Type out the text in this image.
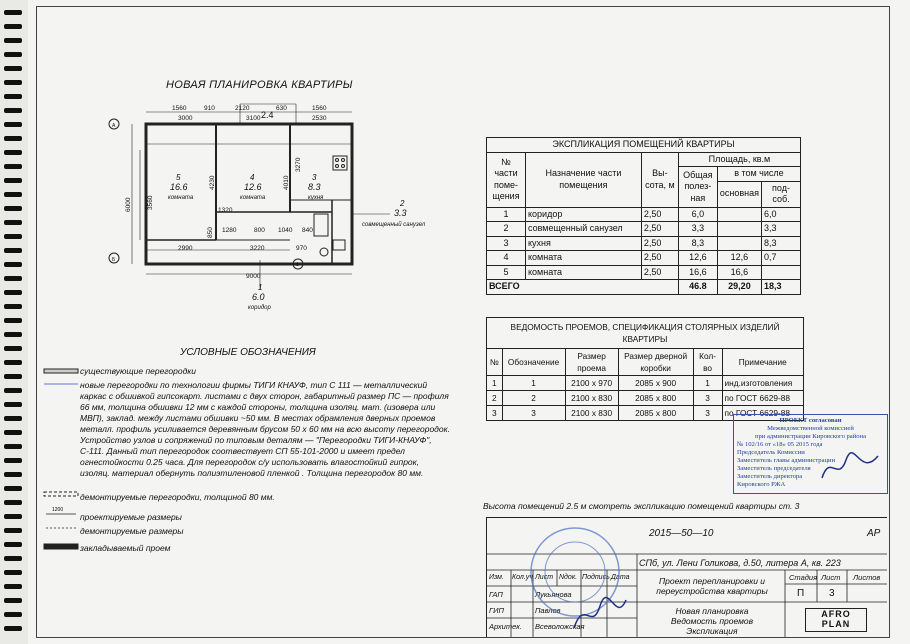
НОВАЯ ПЛАНИРОВКА КВАРТИРЫ
1560	910	2120	630	1560
3000	3100	2530
1320
1280	800 1040 840
2990	3220	970
9000
A
Б
1
2.4
6000 3560
4230	4010
3270
850
5
16.6
комната
4
12.6
комната
3
8.3
кухня
2
3.3
совмещенный санузел
1
6.0
коридор
УСЛОВНЫЕ ОБОЗНАЧЕНИЯ
1200
существующие перегородки
новые перегородки по технологии фирмы ТИГИ КНАУФ, тип С 111 — металлический каркас с обшивкой гипсокарт. листами с двух сторон, габаритный размер ПС — профиля 66 мм, толщина обшивки 12 мм с каждой стороны, толщина изоляц. мат. (изовера или МВП), заклад. между листами обшивки ~50 мм. В местах обрамления дверных проемов металл. профиль усиливается деревянным брусом 50 х 60 мм на всю высоту перегородок. Устройство узлов и сопряжений по типовым деталям — "Перегородки ТИГИ-КНАУФ", С-111. Данный тип перегородок соотвествует СП 55-101-2000 и имеет предел огнестойкости 0.25 часа. Для перегородок с/у использовать влагостойкий гипрок, изоляц. материал обернуть полиэтиленовой пленкой . Толщина перегородок 80 мм.
демонтируемые перегородки, толщиной 80 мм.
проектируемые размеры
демонтируемые размеры
закладываемый проем
ЭКСПЛИКАЦИЯ ПОМЕЩЕНИЙ КВАРТИРЫ					
№ части поме-щения	Назначение части помещения	Вы-сота, м	Площадь, кв.м		
			Общая полез-ная	в том числе	
				основная	под-соб.
1	коридор	2,50	6,0		6,0
2	совмещенный санузел	2,50	3,3		3,3
3	кухня	2,50	8,3		8,3
4	комната	2,50	12,6	12,6	0,7
5	комната	2,50	16,6	16,6	
ВСЕГО			46.8	29,20	18,3
ВЕДОМОСТЬ ПРОЕМОВ, СПЕЦИФИКАЦИЯ СТОЛЯРНЫХ ИЗДЕЛИЙ КВАРТИРЫ					
№	Обозначение	Размер проема	Размер дверной коробки	Кол-во	Примечание
1	1	2100 х 970	2085 х 900	1	инд.изготовления
2	2	2100 х 830	2085 х 800	3	по ГОСТ 6629-88
3	3	2100 х 830	2085 х 800	3	по ГОСТ 6629-88
ПРОЕКТ согласован
Межведомственной комиссией
при администрации Кировского района
№ 102/16 от «18» 05 2015 года
Председатель Комиссии
Заместитель главы администрации
Заместитель председателя
Заместитель директора
Кировского РЖА
Высота помещений 2.5 м смотреть экспликацию помещений квартиры ст. 3
2015—50—10	АР
СПб, ул. Лени Голикова, д.50, литера А, кв. 223
Изм. Кол.уч Лист Nдок. Подпись Дата	Проект перепланировки и переустройства квартиры
Стадия Лист Листов
П 3
ГАП	Лукьянова
ГИП	Павлов
Архитек. Всеволожская
Новая планировка Ведомость проемов Экспликация
AFRO PLAN
